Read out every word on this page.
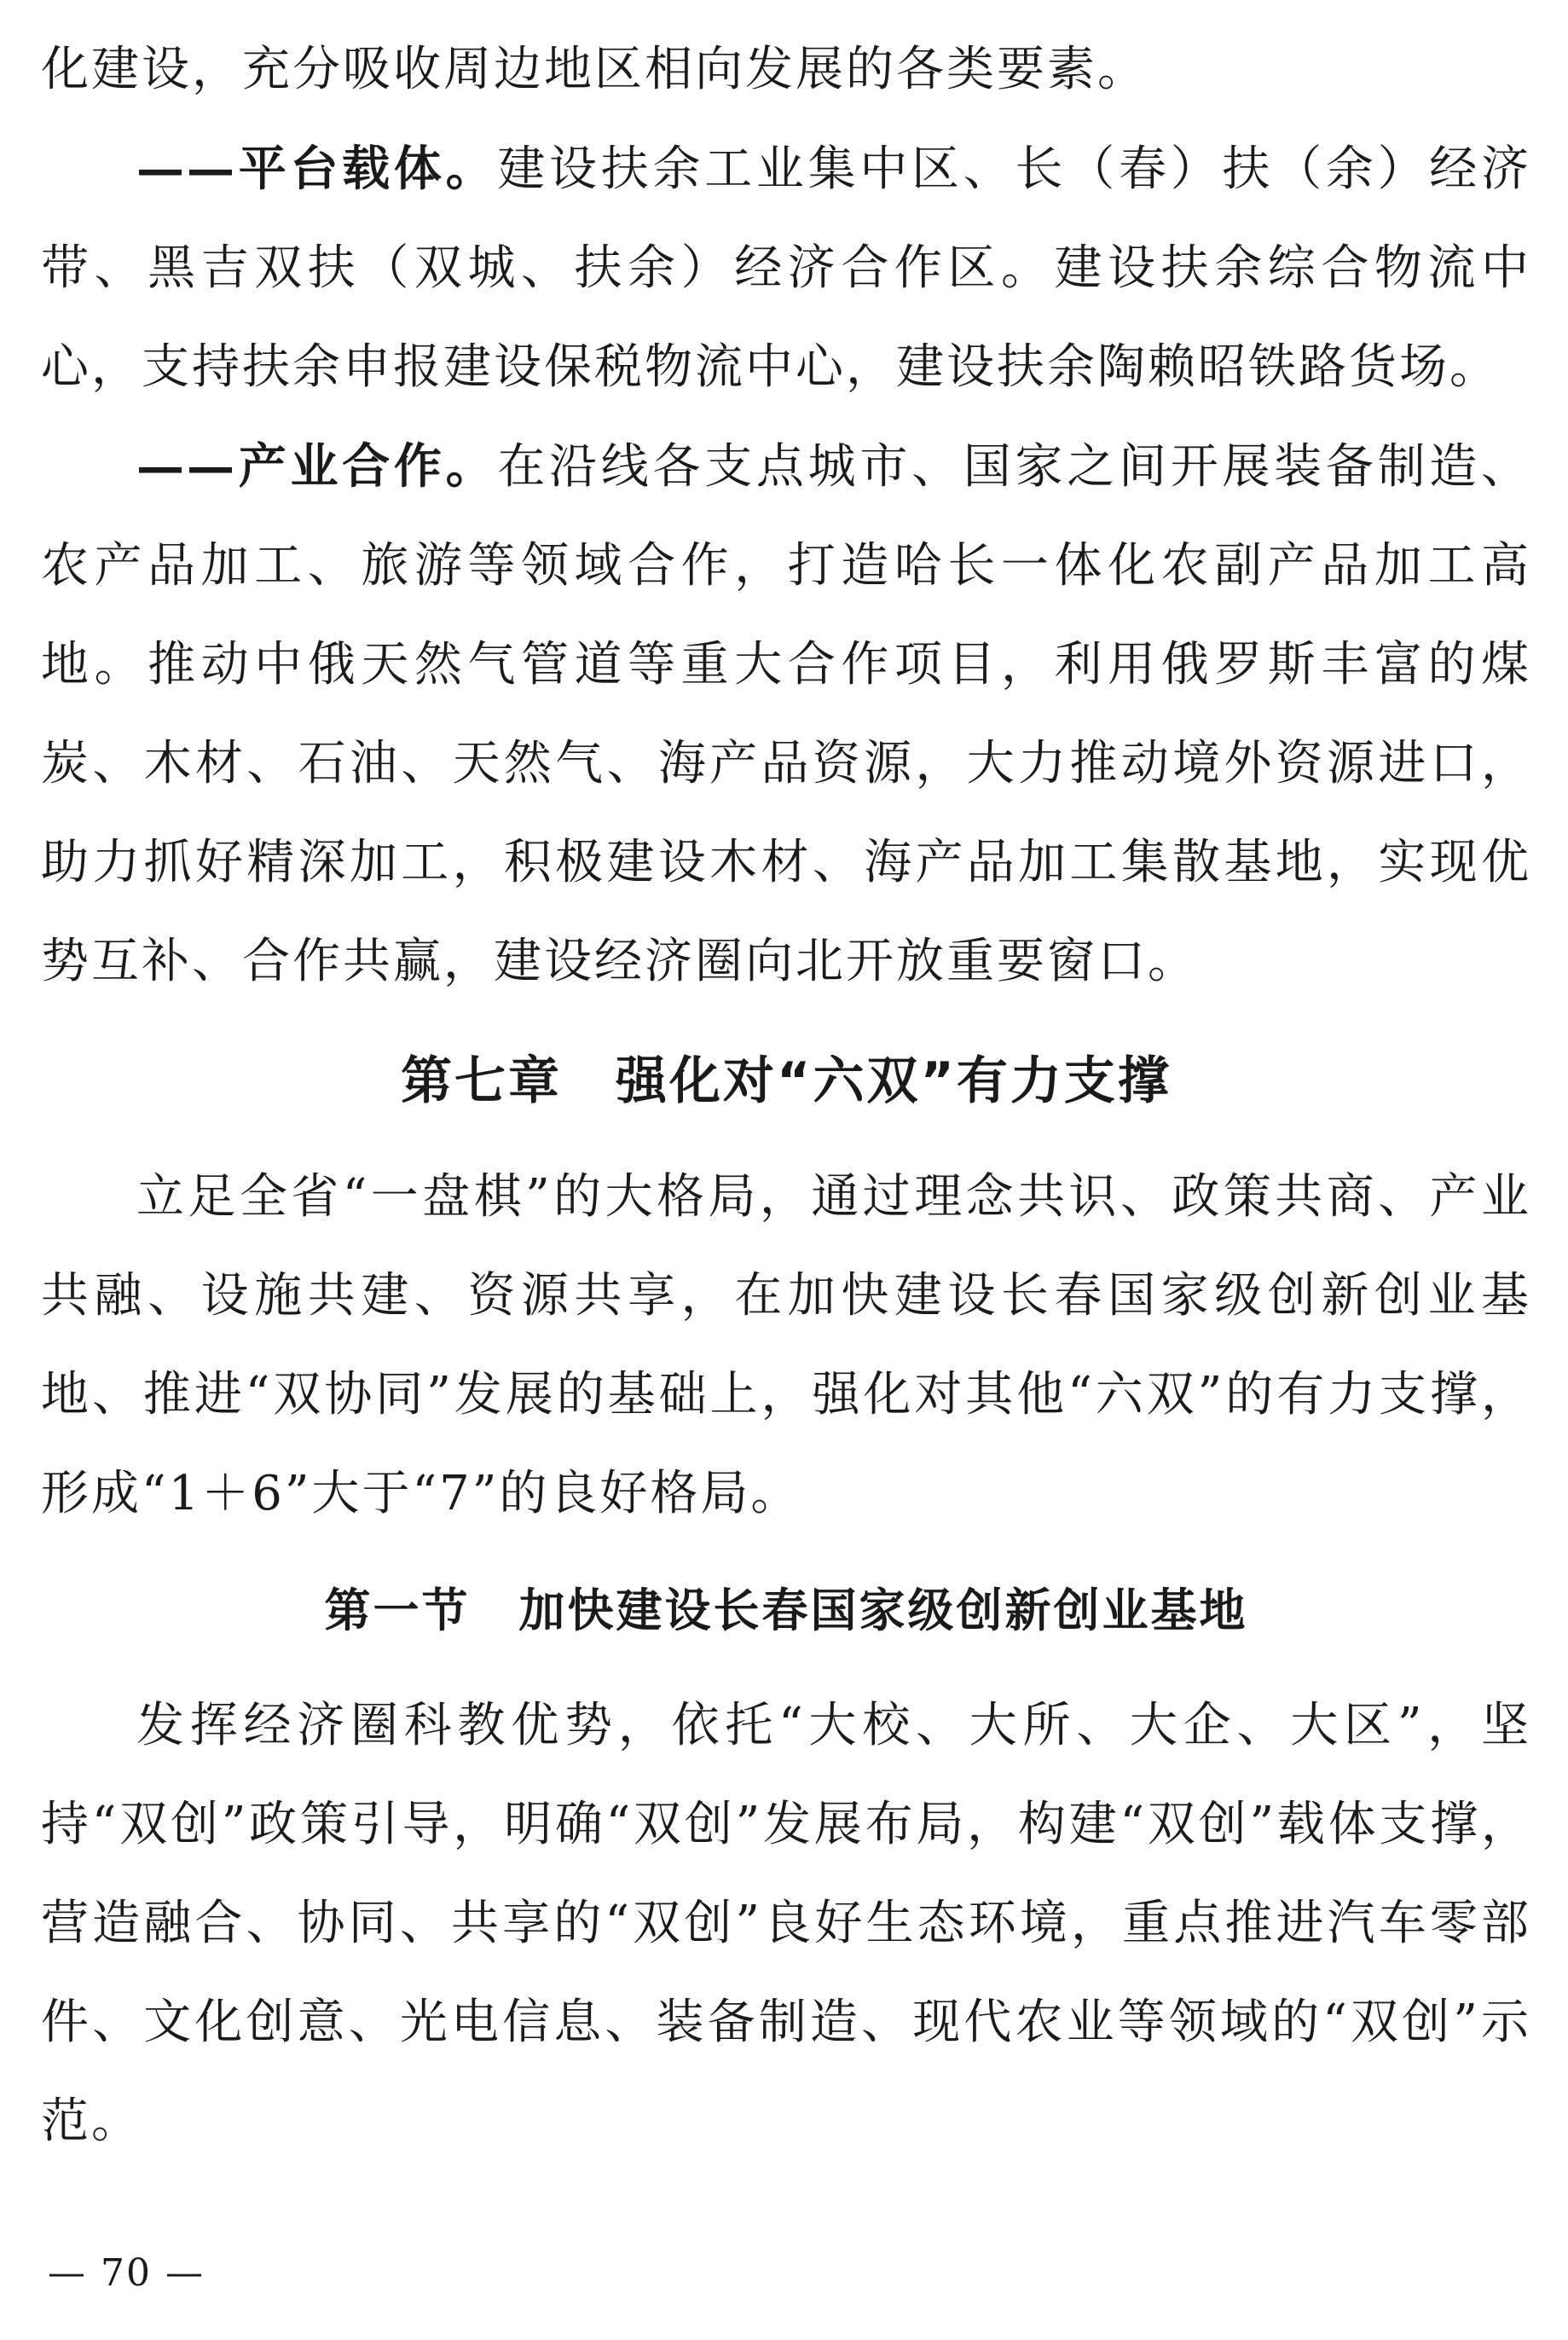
化建设，充分吸收周边地区相向发展的各类要素。

——平台载体。建设扶余工业集中区、长（春）扶（余）经济带、黑吉双扶（双城、扶余）经济合作区。建设扶余综合物流中心，支持扶余申报建设保税物流中心，建设扶余陶赖昭铁路货场。

——产业合作。在沿线各支点城市、国家之间开展装备制造、农产品加工、旅游等领域合作，打造哈长一体化农副产品加工高地。推动中俄天然气管道等重大合作项目，利用俄罗斯丰富的煤炭、木材、石油、天然气、海产品资源，大力推动境外资源进口，助力抓好精深加工，积极建设木材、海产品加工集散基地，实现优势互补、合作共赢，建设经济圈向北开放重要窗口。

第七章　强化对“六双”有力支撑

立足全省“一盘棋”的大格局，通过理念共识、政策共商、产业共融、设施共建、资源共享，在加快建设长春国家级创新创业基地、推进“双协同”发展的基础上，强化对其他“六双”的有力支撑，形成“1＋6”大于“7”的良好格局。

第一节　加快建设长春国家级创新创业基地

发挥经济圈科教优势，依托“大校、大所、大企、大区”，坚持“双创”政策引导，明确“双创”发展布局，构建“双创”载体支撑，营造融合、协同、共享的“双创”良好生态环境，重点推进汽车零部件、文化创意、光电信息、装备制造、现代农业等领域的“双创”示范。

— 70 —
